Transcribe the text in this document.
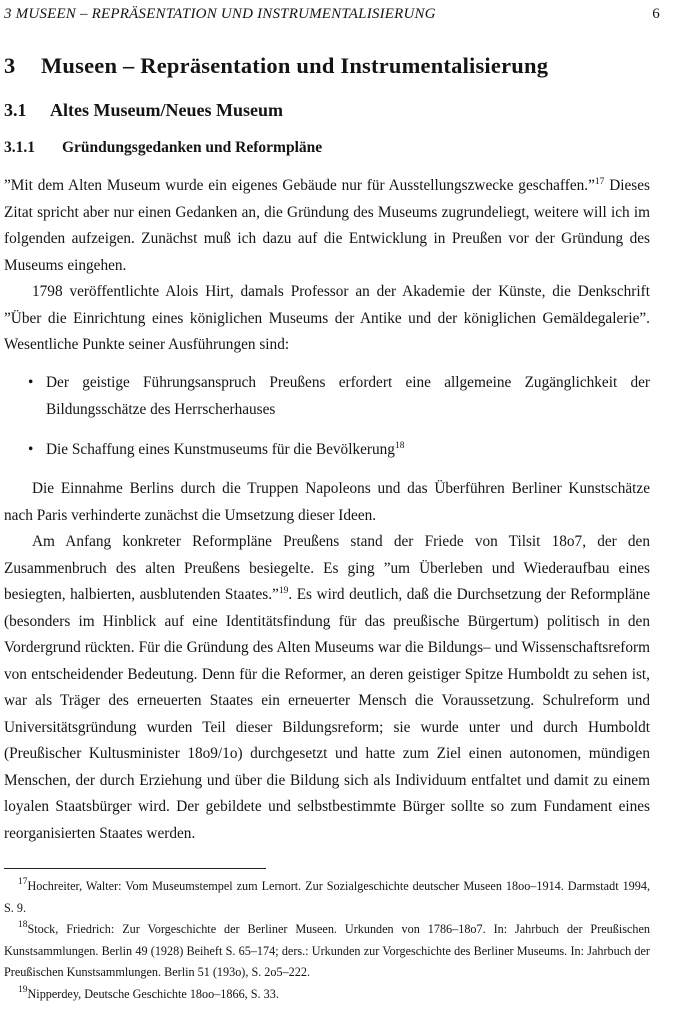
3 MUSEEN – REPRÄSENTATION UND INSTRUMENTALISIERUNG	6
3 Museen – Repräsentation und Instrumentalisierung
3.1 Altes Museum/Neues Museum
3.1.1 Gründungsgedanken und Reformpläne

”Mit dem Alten Museum wurde ein eigenes Gebäude nur für Ausstellungszwecke geschaffen.”$^{17}$ Dieses Zitat spricht aber nur einen Gedanken an, die Gründung des Museums zugrundeliegt, weitere will ich im folgenden aufzeigen. Zunächst muß ich dazu auf die Entwicklung in Preußen vor der Gründung des Museums eingehen.

1798 veröffentlichte Alois Hirt, damals Professor an der Akademie der Künste, die Denkschrift ”Über die Einrichtung eines königlichen Museums der Antike und der königlichen Gemäldegalerie”. Wesentliche Punkte seiner Ausführungen sind:

• Der geistige Führungsanspruch Preußens erfordert eine allgemeine Zugänglichkeit der Bildungsschätze des Herrscherhauses
• Die Schaffung eines Kunstmuseums für die Bevölkerung$^{18}$

Die Einnahme Berlins durch die Truppen Napoleons und das Überführen Berliner Kunstschätze nach Paris verhinderte zunächst die Umsetzung dieser Ideen.

Am Anfang konkreter Reformpläne Preußens stand der Friede von Tilsit 18o7, der den Zusammenbruch des alten Preußens besiegelte. Es ging ”um Überleben und Wiederaufbau eines besiegten, halbierten, ausblutenden Staates.”$^{19}$. Es wird deutlich, daß die Durchsetzung der Reformpläne (besonders im Hinblick auf eine Identitätsfindung für das preußische Bürgertum) politisch in den Vordergrund rückten. Für die Gründung des Alten Museums war die Bildungs– und Wissenschaftsreform von entscheidender Bedeutung. Denn für die Reformer, an deren geistiger Spitze Humboldt zu sehen ist, war als Träger des erneuerten Staates ein erneuerter Mensch die Voraussetzung. Schulreform und Universitätsgründung wurden Teil dieser Bildungsreform; sie wurde unter und durch Humboldt (Preußischer Kultusminister 18o9/1o) durchgesetzt und hatte zum Ziel einen autonomen, mündigen Menschen, der durch Erziehung und über die Bildung sich als Individuum entfaltet und damit zu einem loyalen Staatsbürger wird. Der gebildete und selbstbestimmte Bürger sollte so zum Fundament eines reorganisierten Staates werden.

$^{17}$Hochreiter, Walter: Vom Museumstempel zum Lernort. Zur Sozialgeschichte deutscher Museen 18oo–1914. Darmstadt 1994, S. 9.

$^{18}$Stock, Friedrich: Zur Vorgeschichte der Berliner Museen. Urkunden von 1786–18o7. In: Jahrbuch der Preußischen Kunstsammlungen. Berlin 49 (1928) Beiheft S. 65–174; ders.: Urkunden zur Vorgeschichte des Berliner Museums. In: Jahrbuch der Preußischen Kunstsammlungen. Berlin 51 (193o), S. 2o5–222.

$^{19}$Nipperdey, Deutsche Geschichte 18oo–1866, S. 33.
